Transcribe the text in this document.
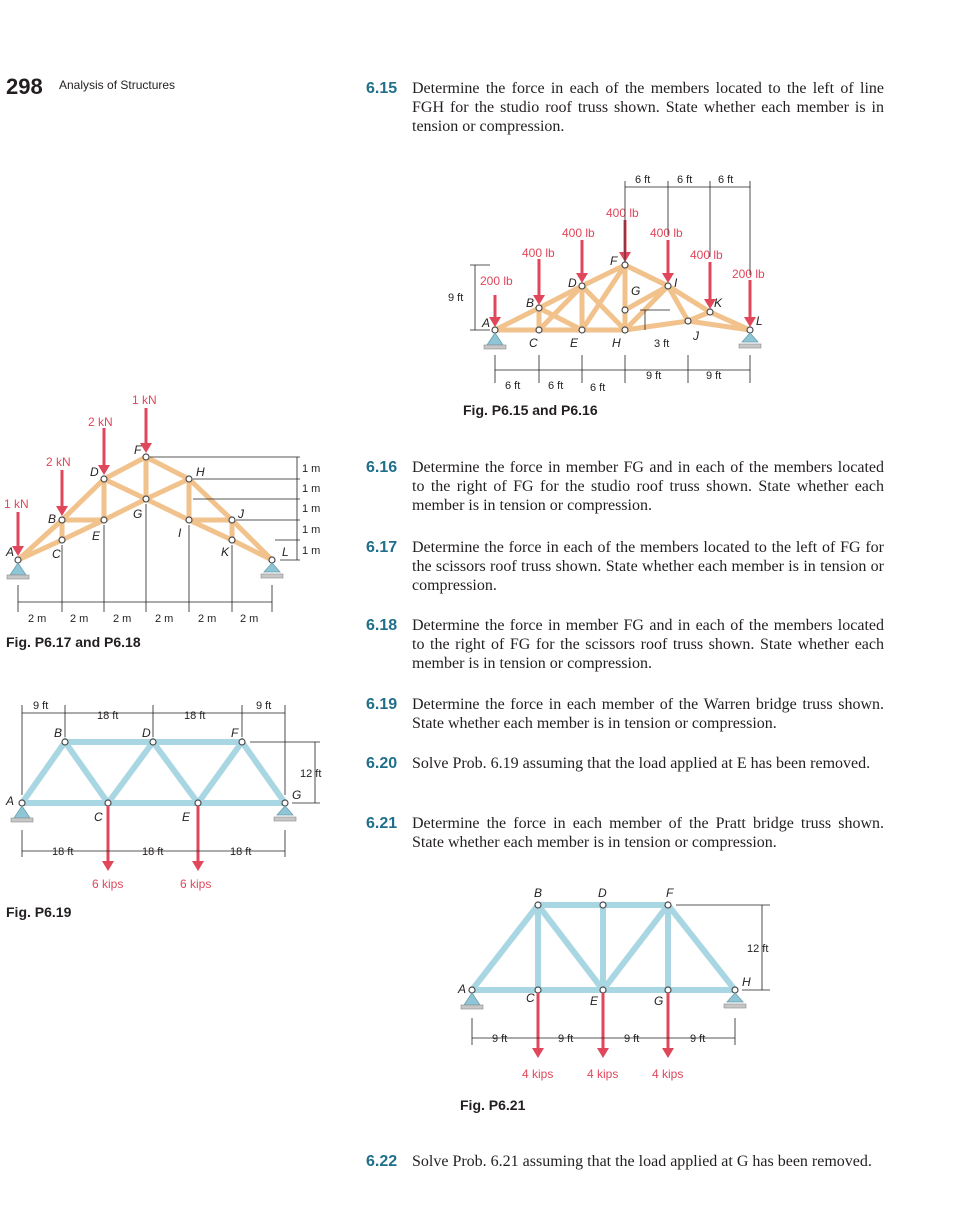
298 Analysis of Structures	6.15 Determine the force in each of the members located to the left of line FGH for the studio roof truss shown. State whether each member is in tension or compression.
6.16 Determine the force in member FG and in each of the members located to the right of FG for the studio roof truss shown. State whether each member is in tension or compression.
6.17 Determine the force in each of the members located to the left of FG for the scissors roof truss shown. State whether each member is in tension or compression.
6.18 Determine the force in member FG and in each of the members located to the right of FG for the scissors roof truss shown. State whether each member is in tension or compression.
6.19 Determine the force in each member of the Warren bridge truss shown. State whether each member is in tension or compression.
6.20 Solve Prob. 6.19 assuming that the load applied at E has been removed.
6.21 Determine the force in each member of the Pratt bridge truss shown. State whether each member is in tension or compression.
6.22 Solve Prob. 6.21 assuming that the load applied at G has been removed.
200 lb
400 lb
400 lb
400 lb
400 lb
400 lb
200 lb
A
B
C
D
E
F
G
H
I
J
K
L
6 ft 6 ft 6 ft
9 ft
3 ft
6 ft	6 ft 6 ft
9 ft	9 ft
Fig. P6.15 and P6.16
1 kN
2 kN
2 kN
1 kN
A
B
C
D
E
F
G
H
I
J
K	L
1 m
1 m
1 m
1 m
1 m
2 m 2 m 2 m 2 m 2 m 2 m
Fig. P6.17 and P6.18
6 kips	6 kips
A
B
C
D
E
F
G
9 ft
18 ft	18 ft
9 ft
12 ft
18 ft	18 ft	18 ft
Fig. P6.19
4 kips	4 kips	4 kips
A
B
C
D
E
F
G
H
12 ft
9 ft	9 ft	9 ft	9 ft
Fig. P6.21
